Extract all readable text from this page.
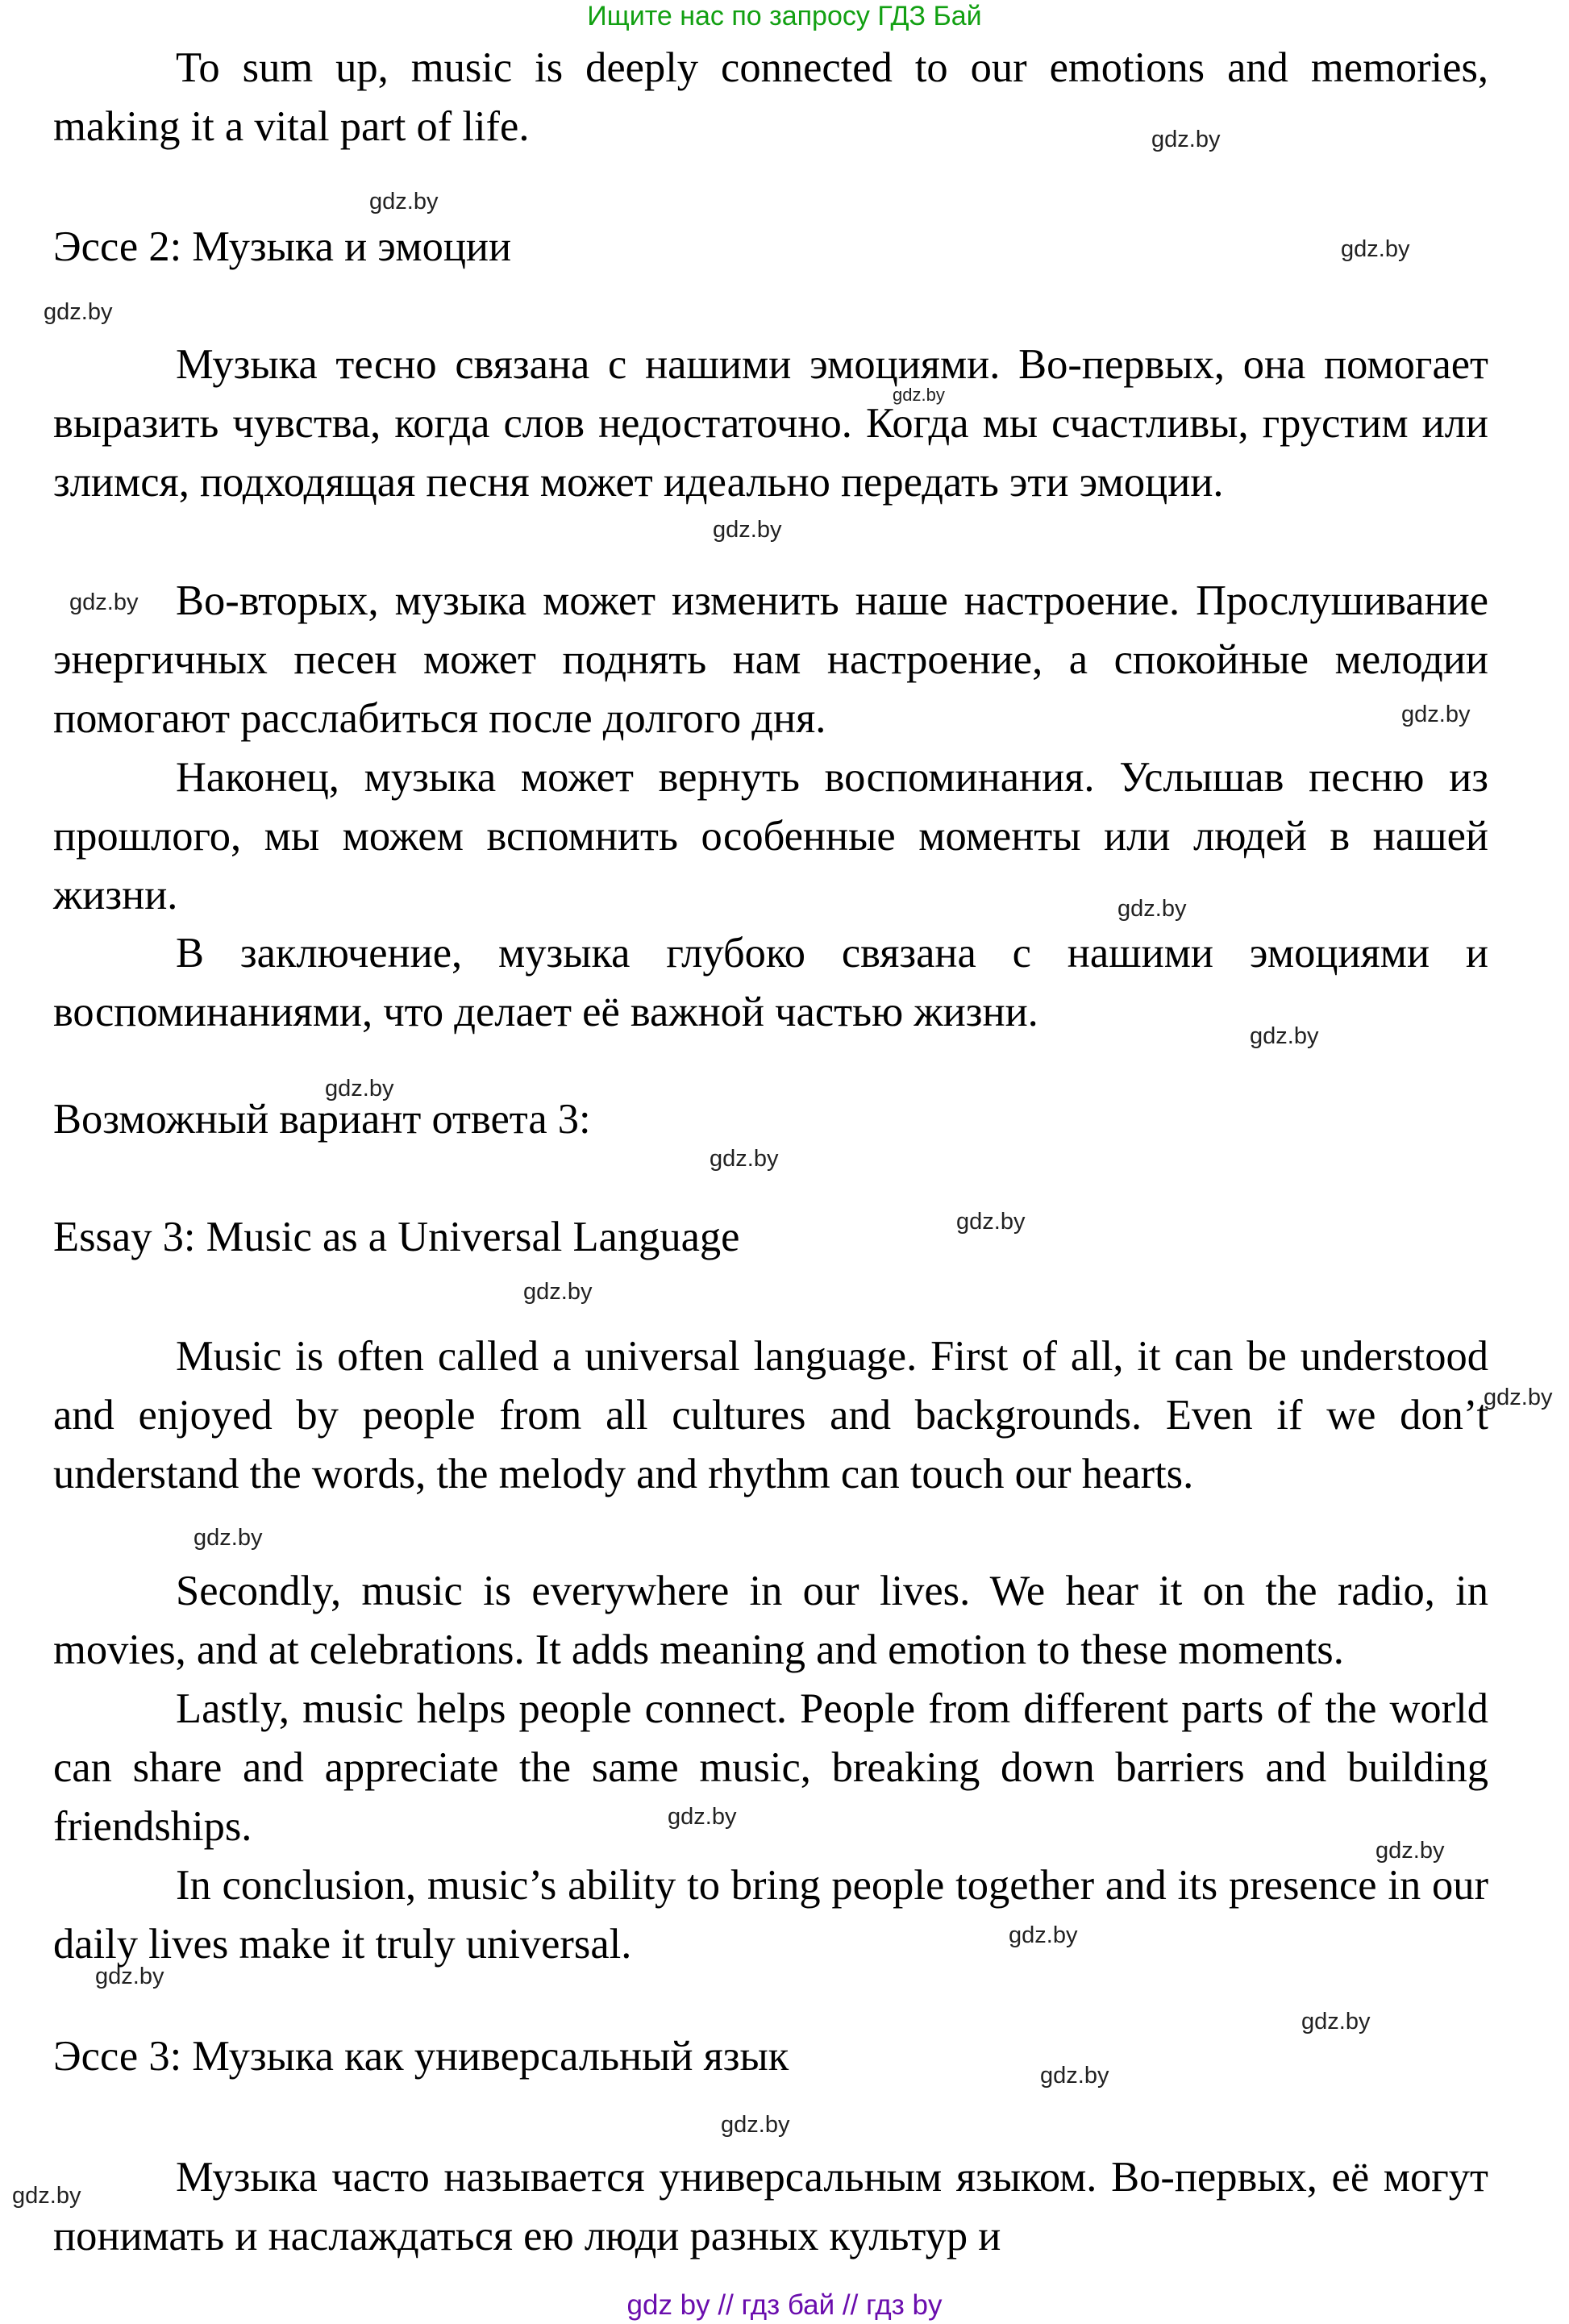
Ищите нас по запросу ГДЗ Бай

To sum up, music is deeply connected to our emotions and memories, making it a vital part of life.

Эссе 2: Музыка и эмоции

Музыка тесно связана с нашими эмоциями. Во-первых, она помогает выразить чувства, когда слов недостаточно. Когда мы счастливы, грустим или злимся, подходящая песня может идеально передать эти эмоции.

Во-вторых, музыка может изменить наше настроение. Прослушивание энергичных песен может поднять нам настроение, а спокойные мелодии помогают расслабиться после долгого дня.

Наконец, музыка может вернуть воспоминания. Услышав песню из прошлого, мы можем вспомнить особенные моменты или людей в нашей жизни.

В заключение, музыка глубоко связана с нашими эмоциями и воспоминаниями, что делает её важной частью жизни.

Возможный вариант ответа 3:

Essay 3: Music as a Universal Language

Music is often called a universal language. First of all, it can be understood and enjoyed by people from all cultures and backgrounds. Even if we don’t understand the words, the melody and rhythm can touch our hearts.

Secondly, music is everywhere in our lives. We hear it on the radio, in movies, and at celebrations. It adds meaning and emotion to these moments.

Lastly, music helps people connect. People from different parts of the world can share and appreciate the same music, breaking down barriers and building friendships.

In conclusion, music’s ability to bring people together and its presence in our daily lives make it truly universal.

Эссе 3: Музыка как универсальный язык

Музыка часто называется универсальным языком. Во-первых, её могут понимать и наслаждаться ею люди разных культур и

gdz.by
gdz.by
gdz.by
gdz.by
gdz.by
gdz.by
gdz.by
gdz.by
gdz.by
gdz.by
gdz.by
gdz.by
gdz.by
gdz.by
gdz.by
gdz.by
gdz.by
gdz.by
gdz.by
gdz.by
gdz.by
gdz.by
gdz.by
gdz.by
gdz by // гдз бай // гдз by
